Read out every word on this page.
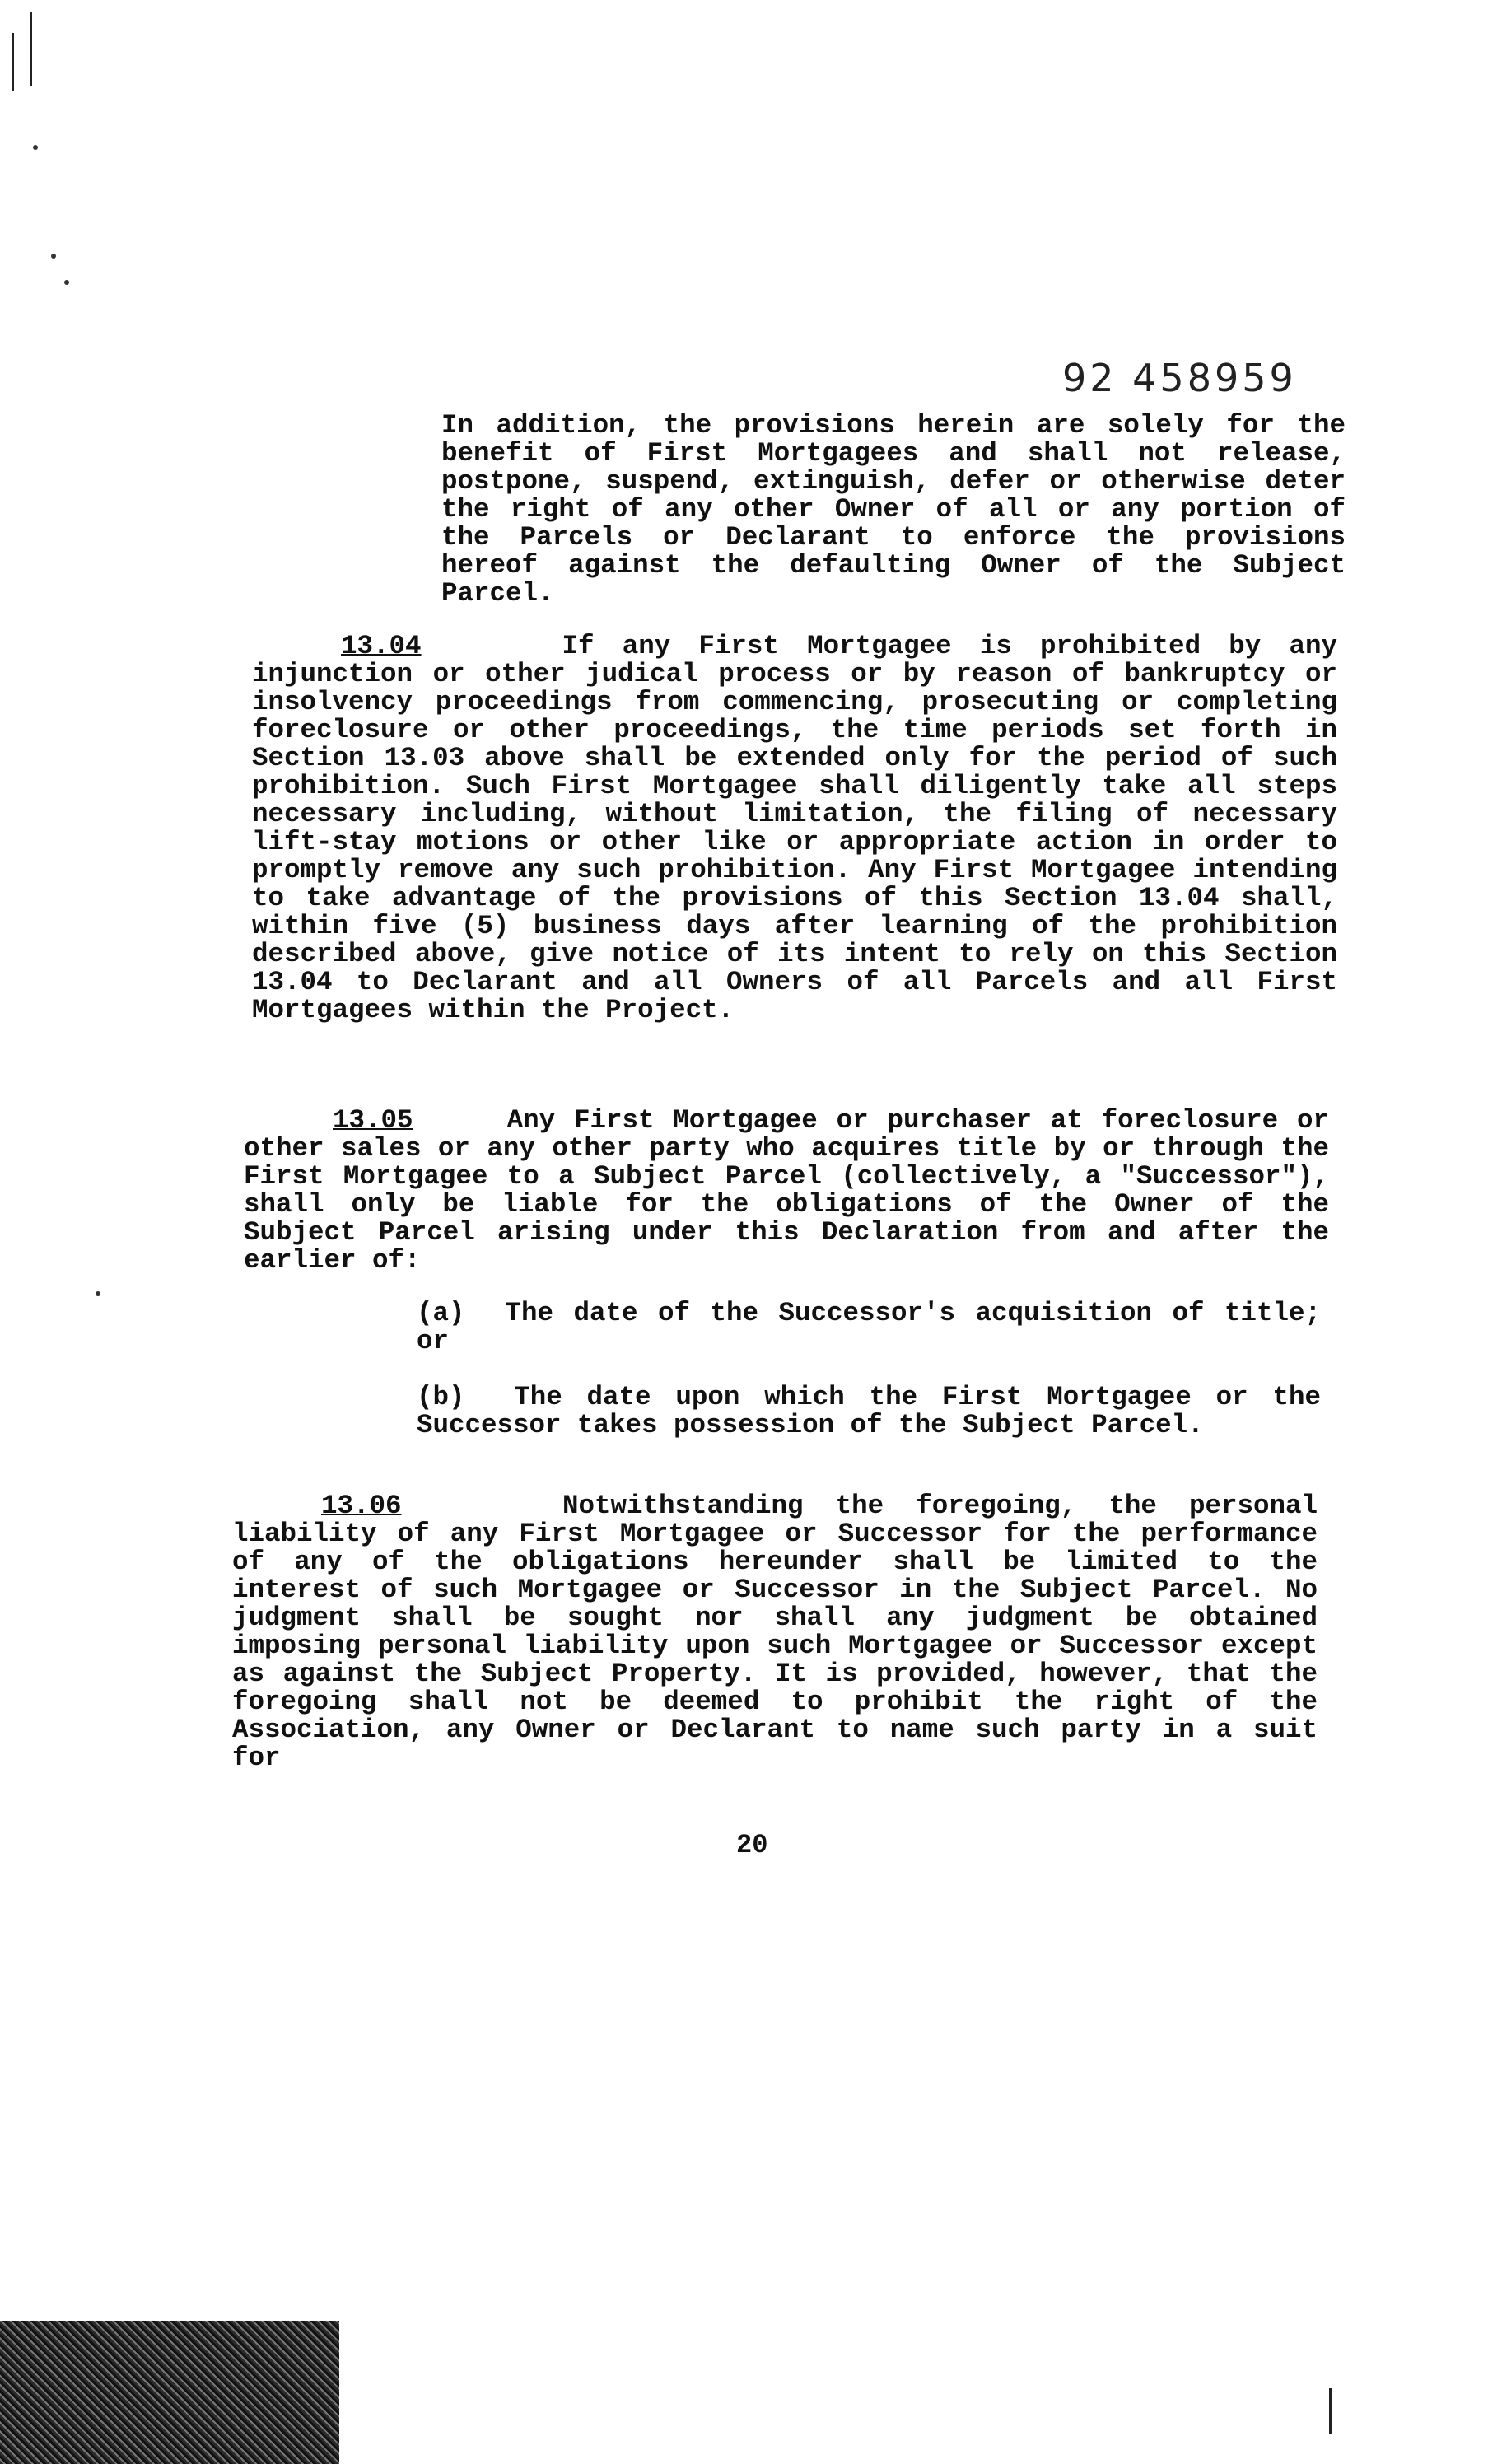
92 458959

In addition, the provisions herein are solely for the benefit of First Mortgagees and shall not release, postpone, suspend, extinguish, defer or otherwise deter the right of any other Owner of all or any portion of the Parcels or Declarant to enforce the provisions hereof against the defaulting Owner of the Subject Parcel.

13.04	If any First Mortgagee is prohibited by any injunction or other judical process or by reason of bankruptcy or insolvency proceedings from commencing, prosecuting or completing foreclosure or other proceedings, the time periods set forth in Section 13.03 above shall be extended only for the period of such prohibition. Such First Mortgagee shall diligently take all steps necessary including, without limitation, the filing of necessary lift-stay motions or other like or appropriate action in order to promptly remove any such prohibition. Any First Mortgagee intending to take advantage of the provisions of this Section 13.04 shall, within five (5) business days after learning of the prohibition described above, give notice of its intent to rely on this Section 13.04 to Declarant and all Owners of all Parcels and all First Mortgagees within the Project.

13.05	Any First Mortgagee or purchaser at foreclosure or other sales or any other party who acquires title by or through the First Mortgagee to a Subject Parcel (collectively, a "Successor"), shall only be liable for the obligations of the Owner of the Subject Parcel arising under this Declaration from and after the earlier of:

(a) The date of the Successor's acquisition of title; or

(b) The date upon which the First Mortgagee or the Successor takes possession of the Subject Parcel.

13.06	Notwithstanding the foregoing, the personal liability of any First Mortgagee or Successor for the performance of any of the obligations hereunder shall be limited to the interest of such Mortgagee or Successor in the Subject Parcel. No judgment shall be sought nor shall any judgment be obtained imposing personal liability upon such Mortgagee or Successor except as against the Subject Property. It is provided, however, that the foregoing shall not be deemed to prohibit the right of the Association, any Owner or Declarant to name such party in a suit for

20
